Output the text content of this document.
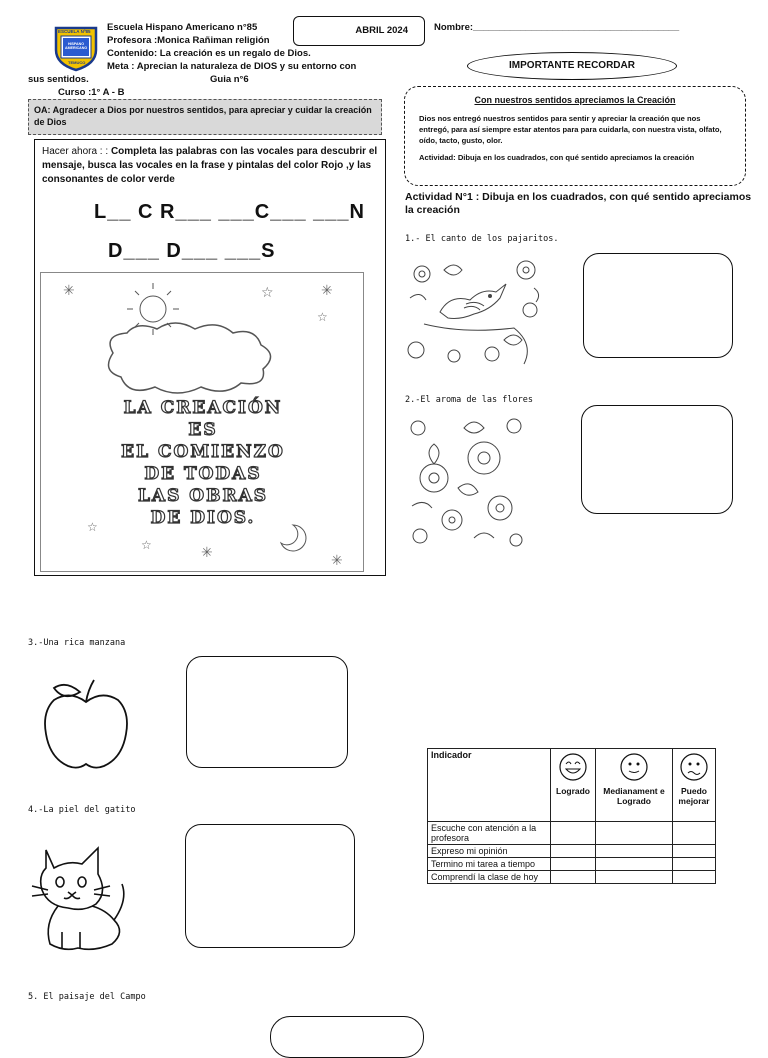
ESCUELA Nº85
HISPANO AMERICANO
TEMUCO
Escuela Hispano Americano n°85
Profesora :Monica Rañiman religión
Contenido: La creación es un regalo de Dios.
Meta : Aprecian la naturaleza de DIOS y su entorno con
sus sentidos.	Guia n°6
Curso :1° A - B
ABRIL 2024	Nombre:_______________________________________
OA: Agradecer a Dios por nuestros sentidos, para apreciar y cuidar la creación de Dios
Hacer ahora : : Completa las palabras con las vocales para descubrir el mensaje, busca las vocales en la frase y pintalas del color Rojo ,y las consonantes de color verde
L__ C R___ ___C___ ___N
D___ D___ ___S
✳	☆	✳
☆
☆
☆	✳	✳
LA CREACIÓN
ES
EL COMIENZO
DE TODAS
LAS OBRAS
DE DIOS.
IMPORTANTE RECORDAR
Con nuestros sentidos apreciamos la Creación
Dios nos entregó nuestros sentidos para sentir y apreciar la creación que nos entregó, para así siempre estar atentos para para cuidarla, con nuestra vista, olfato, oído, tacto, gusto, olor.
Actividad: Dibuja en los cuadrados, con qué sentido apreciamos la creación
Actividad N°1 : Dibuja en los cuadrados, con qué sentido apreciamos la creación
1.- El canto de los pajaritos.
2.-El aroma de las flores
3.-Una rica manzana
4.-La piel del gatito
5. El paisaje del Campo
Indicador	Logrado	Medianament e Logrado	Puedo mejorar
Escuche con atención a la profesora			
Expreso mi opinión			
Termino mi tarea a tiempo			
Comprendí la clase de hoy			
